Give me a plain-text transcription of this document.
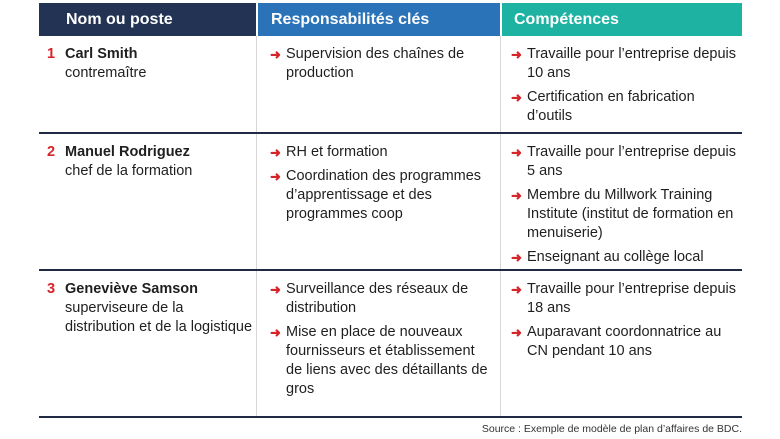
Nom ou poste	Responsabilités clés	Compétences
1 Carl Smith
contremaître
➜ Supervision des chaînes de production
➜ Travaille pour l’entreprise depuis 10 ans
➜ Certification en fabrication d’outils
2 Manuel Rodriguez
chef de la formation
➜ RH et formation
➜ Coordination des programmes d’apprentissage et des programmes coop
➜ Travaille pour l’entreprise depuis 5 ans
➜ Membre du Millwork Training Institute (institut de formation en menuiserie)
➜ Enseignant au collège local
3 Geneviève Samson
superviseure de la distribution et de la logistique
➜ Surveillance des réseaux de distribution
➜ Mise en place de nouveaux fournisseurs et établissement de liens avec des détaillants de gros
➜ Travaille pour l’entreprise depuis 18 ans
➜ Auparavant coordonnatrice au CN pendant 10 ans
Source : Exemple de modèle de plan d’affaires de BDC.
